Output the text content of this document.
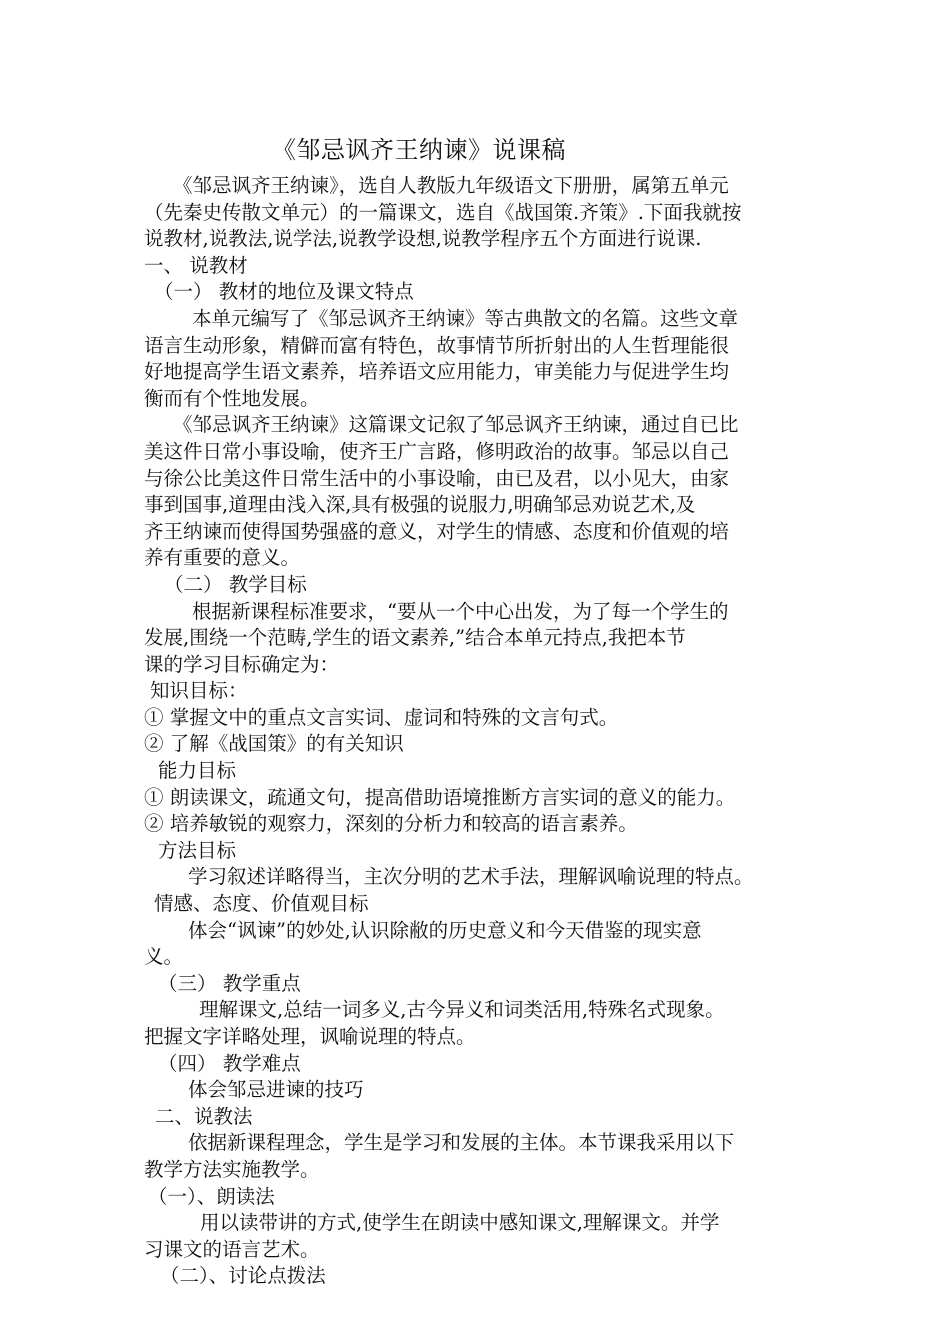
《邹忌讽齐王纳谏》说课稿

《邹忌讽齐王纳谏》，选自人教版九年级语文下册册，属第五单元

（先秦史传散文单元）的一篇课文，选自《战国策.齐策》.下面我就按

说教材,说教法,说学法,说教学设想,说教学程序五个方面进行说课.

一、 说教材

（一） 教材的地位及课文特点

本单元编写了《邹忌讽齐王纳谏》等古典散文的名篇。这些文章

语言生动形象，精僻而富有特色，故事情节所折射出的人生哲理能很

好地提高学生语文素养，培养语文应用能力，审美能力与促进学生均

衡而有个性地发展。

《邹忌讽齐王纳谏》这篇课文记叙了邹忌讽齐王纳谏，通过自已比

美这件日常小事设喻，使齐王广言路，修明政治的故事。邹忌以自己

与徐公比美这件日常生活中的小事设喻，由已及君，以小见大，由家

事到国事,道理由浅入深,具有极强的说服力,明确邹忌劝说艺术,及

齐王纳谏而使得国势强盛的意义，对学生的情感、态度和价值观的培

养有重要的意义。

（二） 教学目标

根据新课程标准要求，“要从一个中心出发，为了每一个学生的

发展,围绕一个范畴,学生的语文素养,”结合本单元持点,我把本节

课的学习目标确定为：

知识目标：

① 掌握文中的重点文言实词、虚词和特殊的文言句式。

② 了解《战国策》的有关知识

能力目标

① 朗读课文，疏通文句，提高借助语境推断方言实词的意义的能力。

② 培养敏锐的观察力，深刻的分析力和较高的语言素养。

方法目标

学习叙述详略得当，主次分明的艺术手法，理解讽喻说理的特点。

情感、态度、价值观目标

体会“讽谏”的妙处,认识除敝的历史意义和今天借鉴的现实意

义。

（三） 教学重点

理解课文,总结一词多义,古今异义和词类活用,特殊名式现象。

把握文字详略处理，讽喻说理的特点。

（四） 教学难点

体会邹忌进谏的技巧

二、说教法

依据新课程理念，学生是学习和发展的主体。本节课我采用以下

教学方法实施教学。

（一）、朗读法

用以读带讲的方式,使学生在朗读中感知课文,理解课文。并学

习课文的语言艺术。

（二）、讨论点拨法
